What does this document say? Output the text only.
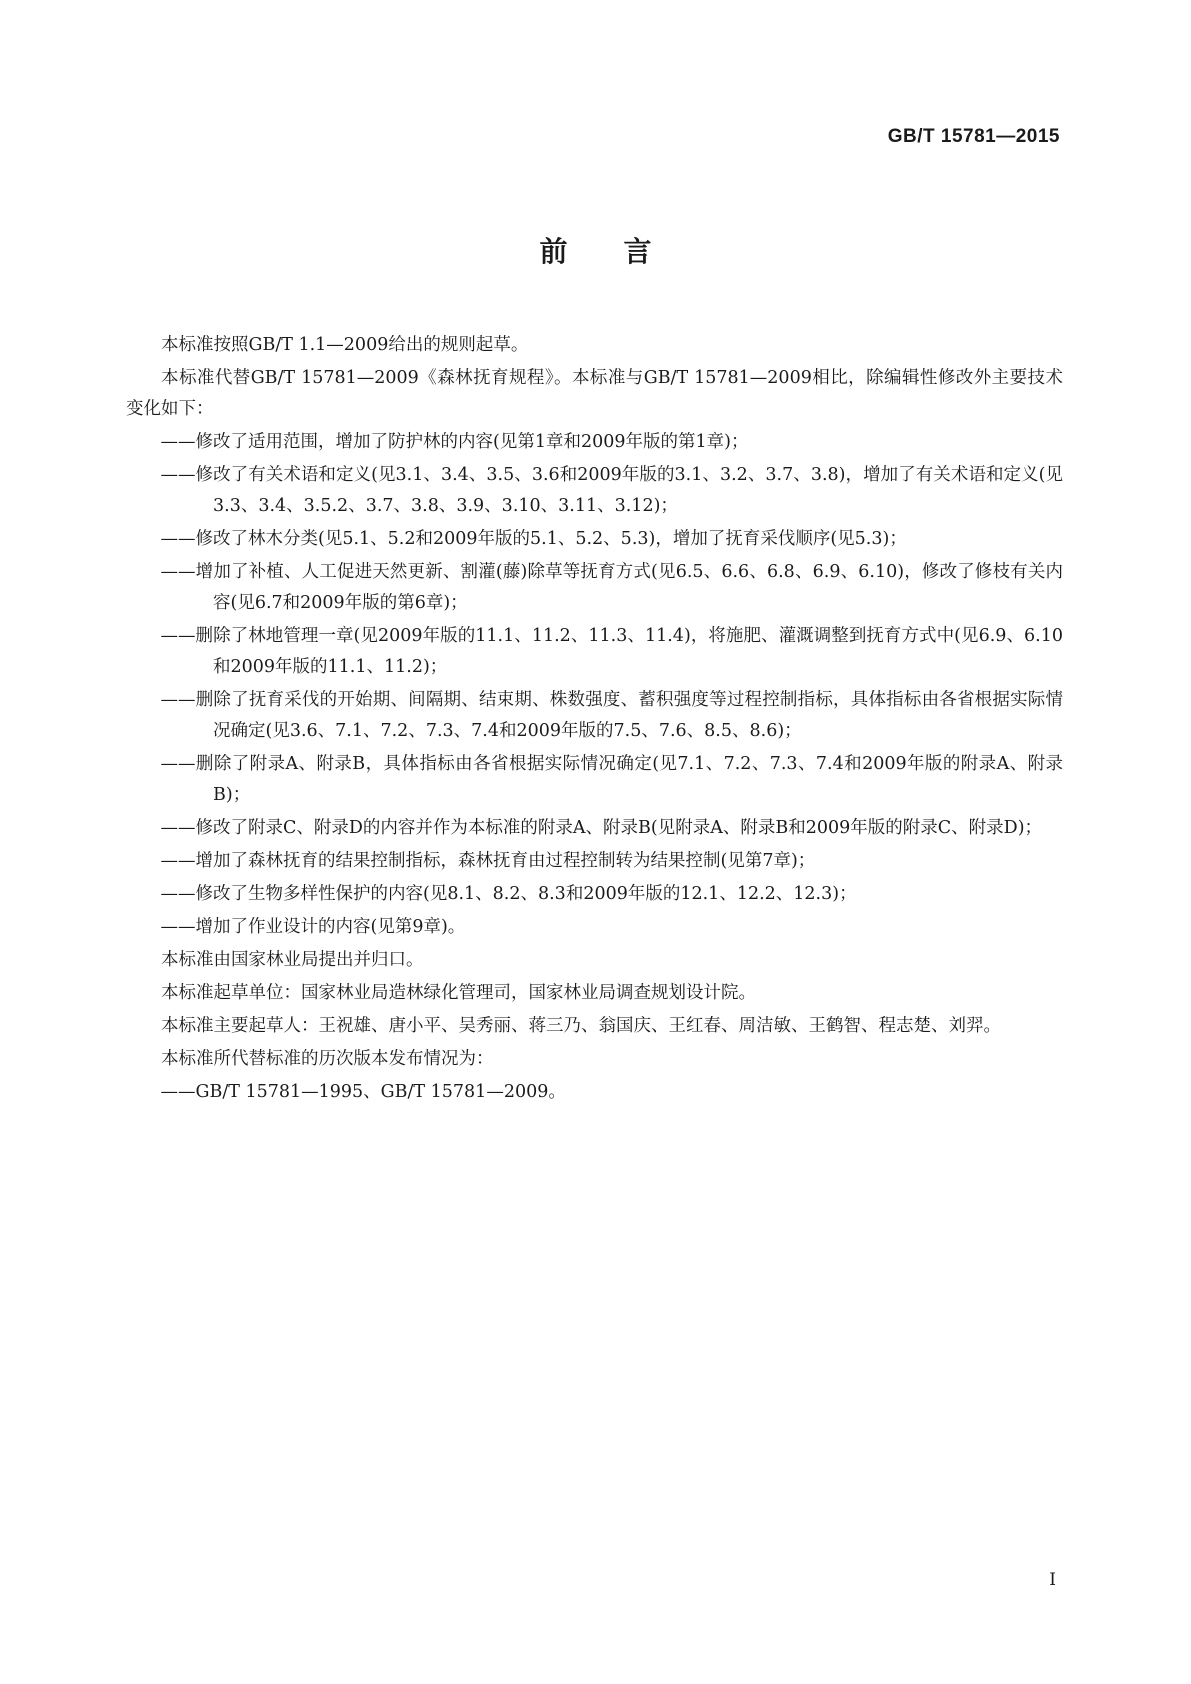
GB/T 15781—2015
前 言
本标准按照GB/T 1.1—2009给出的规则起草。
本标准代替GB/T 15781—2009《森林抚育规程》。本标准与GB/T 15781—2009相比，除编辑性修改外主要技术变化如下：
——修改了适用范围，增加了防护林的内容(见第1章和2009年版的第1章)；
——修改了有关术语和定义(见3.1、3.4、3.5、3.6和2009年版的3.1、3.2、3.7、3.8)，增加了有关术语和定义(见3.3、3.4、3.5.2、3.7、3.8、3.9、3.10、3.11、3.12)；
——修改了林木分类(见5.1、5.2和2009年版的5.1、5.2、5.3)，增加了抚育采伐顺序(见5.3)；
——增加了补植、人工促进天然更新、割灌(藤)除草等抚育方式(见6.5、6.6、6.8、6.9、6.10)，修改了修枝有关内容(见6.7和2009年版的第6章)；
——删除了林地管理一章(见2009年版的11.1、11.2、11.3、11.4)，将施肥、灌溉调整到抚育方式中(见6.9、6.10和2009年版的11.1、11.2)；
——删除了抚育采伐的开始期、间隔期、结束期、株数强度、蓄积强度等过程控制指标，具体指标由各省根据实际情况确定(见3.6、7.1、7.2、7.3、7.4和2009年版的7.5、7.6、8.5、8.6)；
——删除了附录A、附录B，具体指标由各省根据实际情况确定(见7.1、7.2、7.3、7.4和2009年版的附录A、附录B)；
——修改了附录C、附录D的内容并作为本标准的附录A、附录B(见附录A、附录B和2009年版的附录C、附录D)；
——增加了森林抚育的结果控制指标，森林抚育由过程控制转为结果控制(见第7章)；
——修改了生物多样性保护的内容(见8.1、8.2、8.3和2009年版的12.1、12.2、12.3)；
——增加了作业设计的内容(见第9章)。
本标准由国家林业局提出并归口。
本标准起草单位：国家林业局造林绿化管理司，国家林业局调查规划设计院。
本标准主要起草人：王祝雄、唐小平、吴秀丽、蒋三乃、翁国庆、王红春、周洁敏、王鹤智、程志楚、刘羿。
本标准所代替标准的历次版本发布情况为：
——GB/T 15781—1995、GB/T 15781—2009。
I
